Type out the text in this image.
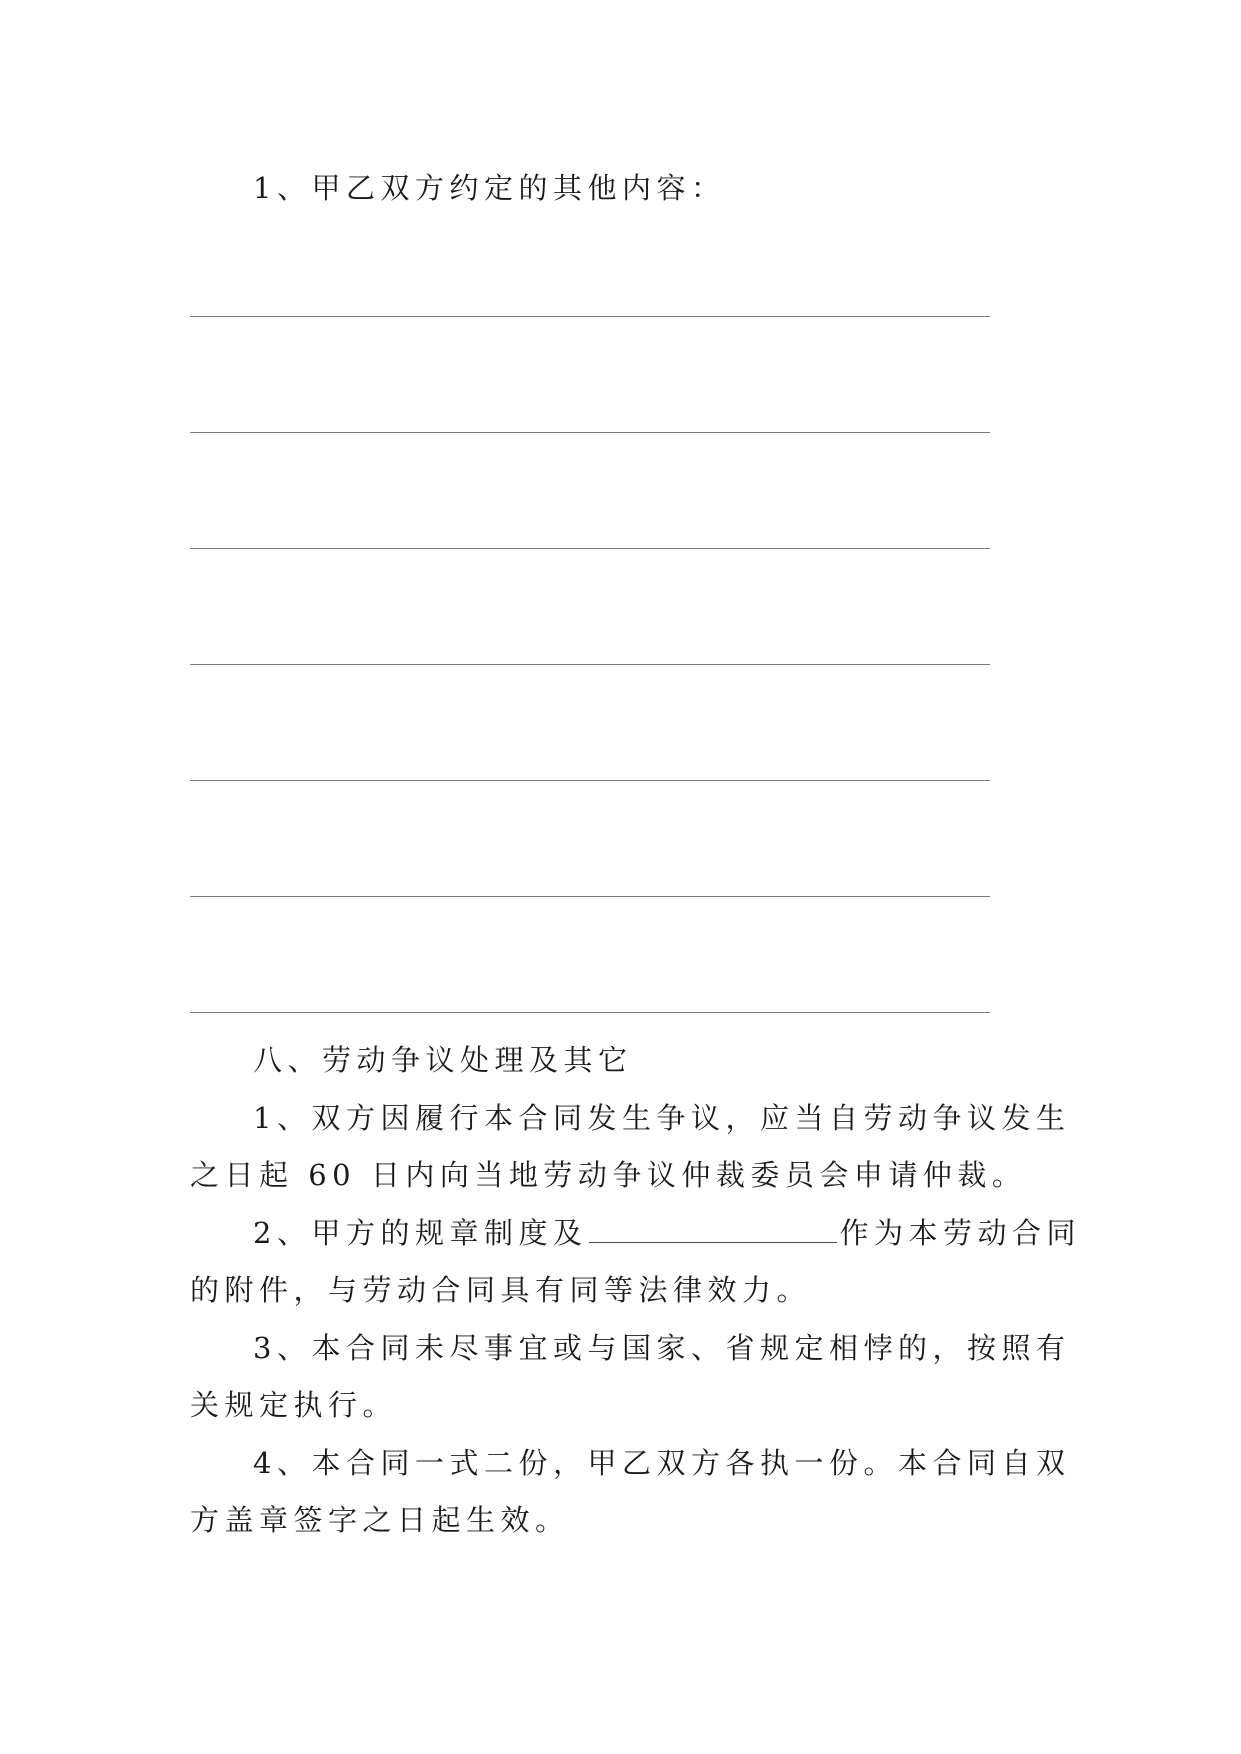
1、甲乙双方约定的其他内容：
八、劳动争议处理及其它
1、双方因履行本合同发生争议，应当自劳动争议发生
之日起 60 日内向当地劳动争议仲裁委员会申请仲裁。
2、甲方的规章制度及	作为本劳动合同
的附件，与劳动合同具有同等法律效力。
3、本合同未尽事宜或与国家、省规定相悖的，按照有
关规定执行。
4、本合同一式二份，甲乙双方各执一份。本合同自双
方盖章签字之日起生效。
